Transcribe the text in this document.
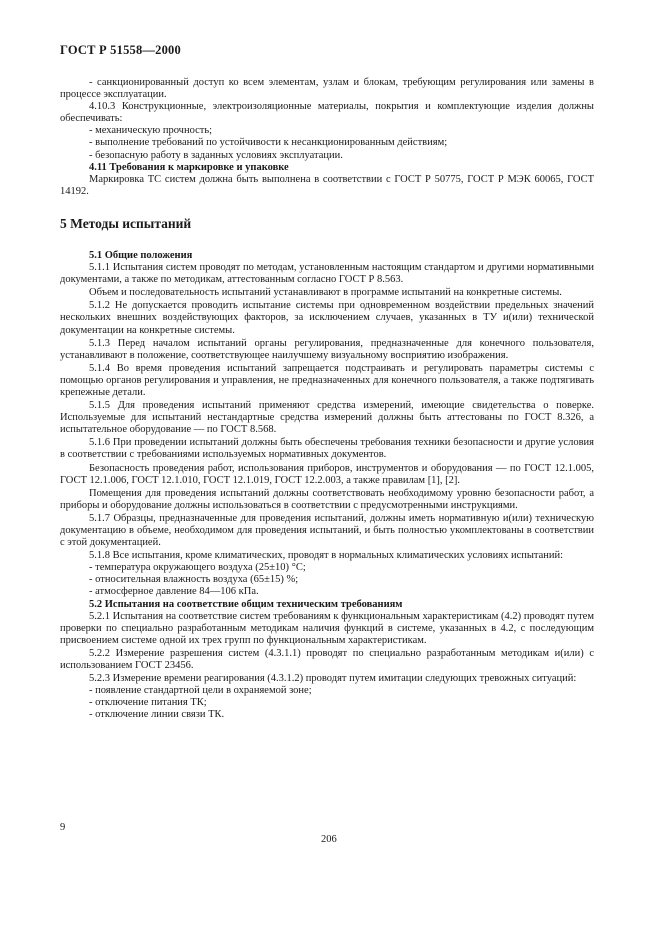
ГОСТ Р 51558—2000

- санкционированный доступ ко всем элементам, узлам и блокам, требующим регулирования или замены в процессе эксплуатации.

4.10.3 Конструкционные, электроизоляционные материалы, покрытия и комплектующие изделия должны обеспечивать:

- механическую прочность;

- выполнение требований по устойчивости к несанкционированным действиям;

- безопасную работу в заданных условиях эксплуатации.

4.11 Требования к маркировке и упаковке

Маркировка ТС систем должна быть выполнена в соответствии с ГОСТ Р 50775, ГОСТ Р МЭК 60065, ГОСТ 14192.

5 Методы испытаний

5.1 Общие положения

5.1.1 Испытания систем проводят по методам, установленным настоящим стандартом и другими нормативными документами, а также по методикам, аттестованным согласно ГОСТ Р 8.563.

Объем и последовательность испытаний устанавливают в программе испытаний на конкретные системы.

5.1.2 Не допускается проводить испытание системы при одновременном воздействии предельных значений нескольких внешних воздействующих факторов, за исключением случаев, указанных в ТУ и(или) технической документации на конкретные системы.

5.1.3 Перед началом испытаний органы регулирования, предназначенные для конечного пользователя, устанавливают в положение, соответствующее наилучшему визуальному восприятию изображения.

5.1.4 Во время проведения испытаний запрещается подстраивать и регулировать параметры системы с помощью органов регулирования и управления, не предназначенных для конечного пользователя, а также подтягивать крепежные детали.

5.1.5 Для проведения испытаний применяют средства измерений, имеющие свидетельства о поверке. Используемые для испытаний нестандартные средства измерений должны быть аттестованы по ГОСТ 8.326, а испытательное оборудование — по ГОСТ 8.568.

5.1.6 При проведении испытаний должны быть обеспечены требования техники безопасности и другие условия в соответствии с требованиями используемых нормативных документов.

Безопасность проведения работ, использования приборов, инструментов и оборудования — по ГОСТ 12.1.005, ГОСТ 12.1.006, ГОСТ 12.1.010, ГОСТ 12.1.019, ГОСТ 12.2.003, а также правилам [1], [2].

Помещения для проведения испытаний должны соответствовать необходимому уровню безопасности работ, а приборы и оборудование должны использоваться в соответствии с предусмотренными инструкциями.

5.1.7 Образцы, предназначенные для проведения испытаний, должны иметь нормативную и(или) техническую документацию в объеме, необходимом для проведения испытаний, и быть полностью укомплектованы в соответствии с этой документацией.

5.1.8 Все испытания, кроме климатических, проводят в нормальных климатических условиях испытаний:

- температура окружающего воздуха (25±10) °С;

- относительная влажность воздуха (65±15) %;

- атмосферное давление 84—106 кПа.

5.2 Испытания на соответствие общим техническим требованиям

5.2.1 Испытания на соответствие систем требованиям к функциональным характеристикам (4.2) проводят путем проверки по специально разработанным методикам наличия функций в системе, указанных в 4.2, с последующим присвоением системе одной их трех групп по функциональным характеристикам.

5.2.2 Измерение разрешения систем (4.3.1.1) проводят по специально разработанным методикам и(или) с использованием ГОСТ 23456.

5.2.3 Измерение времени реагирования (4.3.1.2) проводят путем имитации следующих тревожных ситуаций:

- появление стандартной цели в охраняемой зоне;

- отключение питания ТК;

- отключение линии связи ТК.

9
206
